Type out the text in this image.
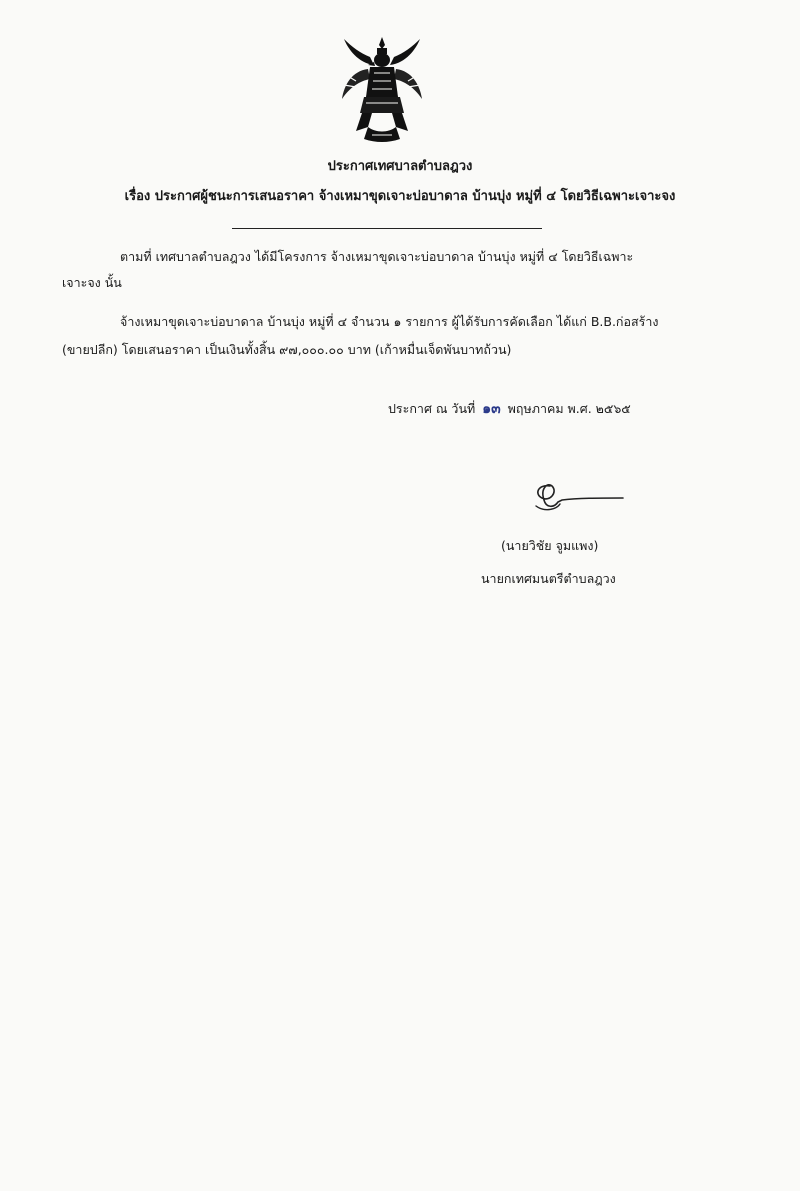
ประกาศเทศบาลตำบลฎวง
เรื่อง ประกาศผู้ชนะการเสนอราคา จ้างเหมาขุดเจาะบ่อบาดาล บ้านบุ่ง หมู่ที่ ๔ โดยวิธีเฉพาะเจาะจง
ตามที่ เทศบาลตำบลฎวง ได้มีโครงการ จ้างเหมาขุดเจาะบ่อบาดาล บ้านบุ่ง หมู่ที่ ๔ โดยวิธีเฉพาะ
เจาะจง นั้น
จ้างเหมาขุดเจาะบ่อบาดาล บ้านบุ่ง หมู่ที่ ๔ จำนวน ๑ รายการ ผู้ได้รับการคัดเลือก ได้แก่ B.B.ก่อสร้าง
(ขายปลีก) โดยเสนอราคา เป็นเงินทั้งสิ้น ๙๗,๐๐๐.๐๐ บาท (เก้าหมื่นเจ็ดพันบาทถ้วน)
ประกาศ ณ วันที่ ๑๓ พฤษภาคม พ.ศ. ๒๕๖๕
(นายวิชัย จูมแพง)
นายกเทศมนตรีตำบลฎวง
